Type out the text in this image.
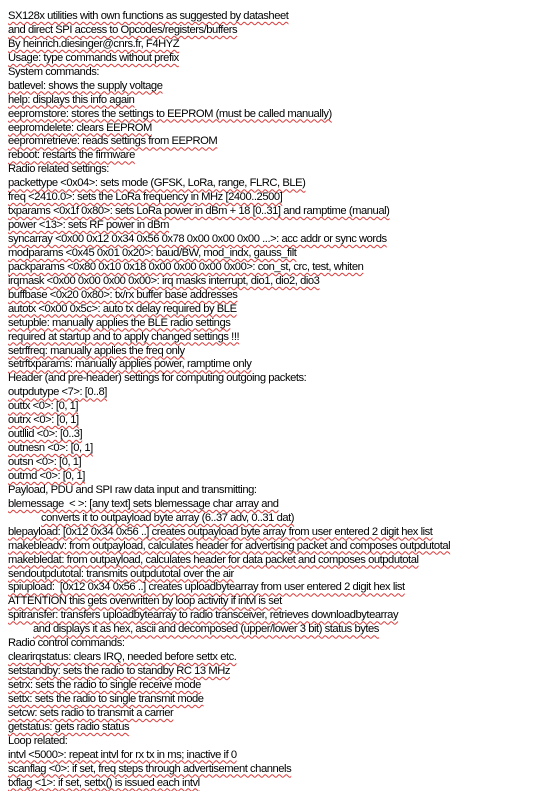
SX128x utilities with own functions as suggested by datasheet
and direct SPI access to Opcodes/registers/buffers
By heinrich.diesinger@cnrs.fr, F4HYZ
Usage: type commands without prefix
System commands:
batlevel: shows the supply voltage
help: displays this info again
eepromstore: stores the settings to EEPROM (must be called manually)
eepromdelete: clears EEPROM
eepromretrieve: reads settings from EEPROM
reboot: restarts the firmware
Radio related settings:
packettype <0x04>: sets mode (GFSK, LoRa, range, FLRC, BLE)
freq <2410.0>: sets the LoRa frequency in MHz [2400..2500]
txparams <0x1f 0x80>: sets LoRa power in dBm + 18 [0..31] and ramptime (manual)
power <13>: sets RF power in dBm
syncarray <0x00 0x12 0x34 0x56 0x78 0x00 0x00 0x00 ...>: acc addr or sync words
modparams <0x45 0x01 0x20>: baud/BW, mod_indx, gauss_filt
packparams <0x80 0x10 0x18 0x00 0x00 0x00 0x00>: con_st, crc, test, whiten
irqmask <0x00 0x00 0x00 0x00>: irq masks interrupt, dio1, dio2, dio3
buffbase <0x20 0x80>: tx/rx buffer base addresses
autotx <0x00 0x5c>: auto tx delay required by BLE
setupble: manually applies the BLE radio settings
required at startup and to apply changed settings !!!
setrffreq: manually applies the freq only
setrftxparams: manually applies power, ramptime only
Header (and pre-header) settings for computing outgoing packets:
outpdutype <7>: [0..8]
outtx <0>: [0, 1]
outrx <0>: [0, 1]
outllid <0>: [0..3]
outnesn <0>: [0, 1]
outsn <0>: [0, 1]
outmd <0>: [0, 1]
Payload, PDU and SPI raw data input and transmitting:
blemessage  < >: [any text] sets blemessage char array and
converts it to outpayload byte array (6..37 adv, 0..31 dat)
blepayload: [0x12 0x34 0x56 ..] creates outpayload byte array from user entered 2 digit hex list
makebleadv: from outpayload, calculates header for advertising packet and composes outpdutotal
makebledat: from outpayload, calculates header for data packet and composes outpdutotal
sendoutpdutotal: transmits outpdutotal over the air
spiupload:  [0x12 0x34 0x56 ..] creates uploadbytearray from user entered 2 digit hex list
ATTENTION this gets overwritten by loop activity if intvl is set
spitransfer: transfers uploadbytearray to radio transceiver, retrieves downloadbytearray
and displays it as hex, ascii and decomposed (upper/lower 3 bit) status bytes
Radio control commands:
clearirqstatus: clears IRQ, needed before settx etc.
setstandby: sets the radio to standby RC 13 MHz
setrx: sets the radio to single receive mode
settx: sets the radio to single transmit mode
setcw: sets radio to transmit a carrier
getstatus: gets radio status
Loop related:
intvl <5000>: repeat intvl for rx tx in ms; inactive if 0
scanflag <0>: if set, freq steps through advertisement channels
txflag <1>: if set, settx() is issued each intvl
